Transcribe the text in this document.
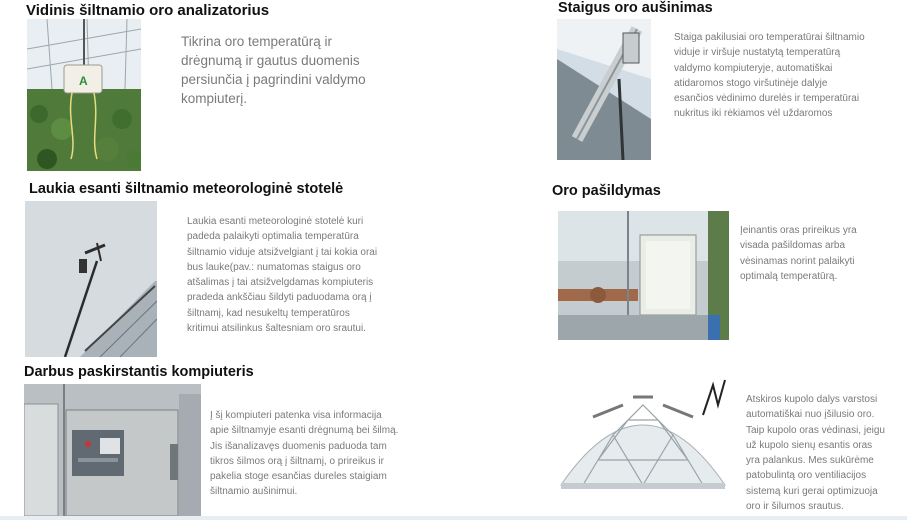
Vidinis šiltnamio oro analizatorius
A

Tikrina oro temperatūrą ir

drėgnumą ir gautus duomenis

persiunčia į pagrindini valdymo

kompiuterį.

Laukia esanti šiltnamio meteorologinė stotelė

Laukia esanti meteorologinė stotelė kuri

padeda palaikyti optimalia temperatūra

šiltnamio viduje atsižvelgiant į tai kokia orai

bus lauke(pav.: numatomas staigus oro

atšalimas į tai atsižvelgdamas kompiuteris

pradeda ankščiau šildyti paduodama orą į

šiltnamį, kad nesukeltų temperatūros

kritimui atsilinkus šaltesniam oro srautui.

Darbus paskirstantis kompiuteris

Į šį kompiuteri patenka visa informacija

apie šiltnamyje esanti drėgnumą bei šilmą.

Jis išanalizavęs duomenis paduoda tam

tikros šilmos orą į šiltnamį, o prireikus ir

pakelia stoge esančias dureles staigiam

šiltnamio aušinimui.

Staigus oro aušinimas

Staiga pakilusiai oro temperatūrai šiltnamio

viduje ir viršuje nustatytą temperatūrą

valdymo kompiuteryje, automatiškai

atidaromos stogo viršutinėje dalyje

esančios vėdinimo durelės ir temperatūrai

nukritus iki rėkiamos vėl uždaromos

Oro pašildymas

Įeinantis oras prireikus yra

visada pašildomas arba

vėsinamas norint palaikyti

optimalą temperatūrą.

Atskiros kupolo dalys varstosi

automatiškai nuo įšilusio oro.

Taip kupolo oras vėdinasi, jeigu

už kupolo sienų esantis oras

yra palankus. Mes sukūrėme

patobulintą oro ventiliacijos

sistemą kuri gerai optimizuoja

oro ir šilumos srautus.
